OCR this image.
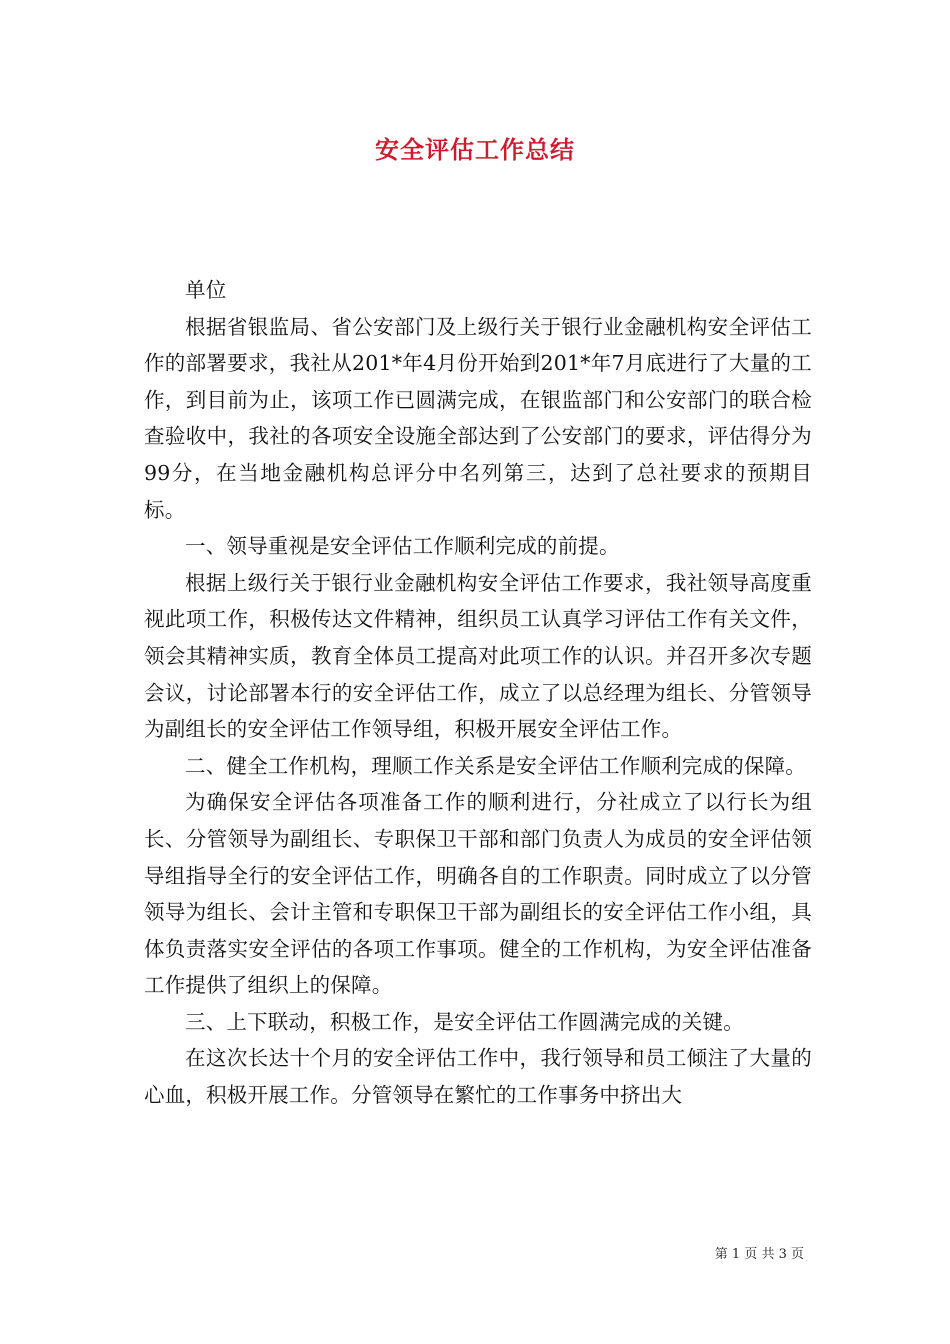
安全评估工作总结

单位

根据省银监局、省公安部门及上级行关于银行业金融机构安全评估工作的部署要求，我社从201*年4月份开始到201*年7月底进行了大量的工作，到目前为止，该项工作已圆满完成，在银监部门和公安部门的联合检查验收中，我社的各项安全设施全部达到了公安部门的要求，评估得分为99分，在当地金融机构总评分中名列第三，达到了总社要求的预期目标。

一、领导重视是安全评估工作顺利完成的前提。

根据上级行关于银行业金融机构安全评估工作要求，我社领导高度重视此项工作，积极传达文件精神，组织员工认真学习评估工作有关文件，领会其精神实质，教育全体员工提高对此项工作的认识。并召开多次专题会议，讨论部署本行的安全评估工作，成立了以总经理为组长、分管领导为副组长的安全评估工作领导组，积极开展安全评估工作。

二、健全工作机构，理顺工作关系是安全评估工作顺利完成的保障。

为确保安全评估各项准备工作的顺利进行，分社成立了以行长为组长、分管领导为副组长、专职保卫干部和部门负责人为成员的安全评估领导组指导全行的安全评估工作，明确各自的工作职责。同时成立了以分管领导为组长、会计主管和专职保卫干部为副组长的安全评估工作小组，具体负责落实安全评估的各项工作事项。健全的工作机构，为安全评估准备工作提供了组织上的保障。

三、上下联动，积极工作，是安全评估工作圆满完成的关键。

在这次长达十个月的安全评估工作中，我行领导和员工倾注了大量的心血，积极开展工作。分管领导在繁忙的工作事务中挤出大

第 1 页 共 3 页
